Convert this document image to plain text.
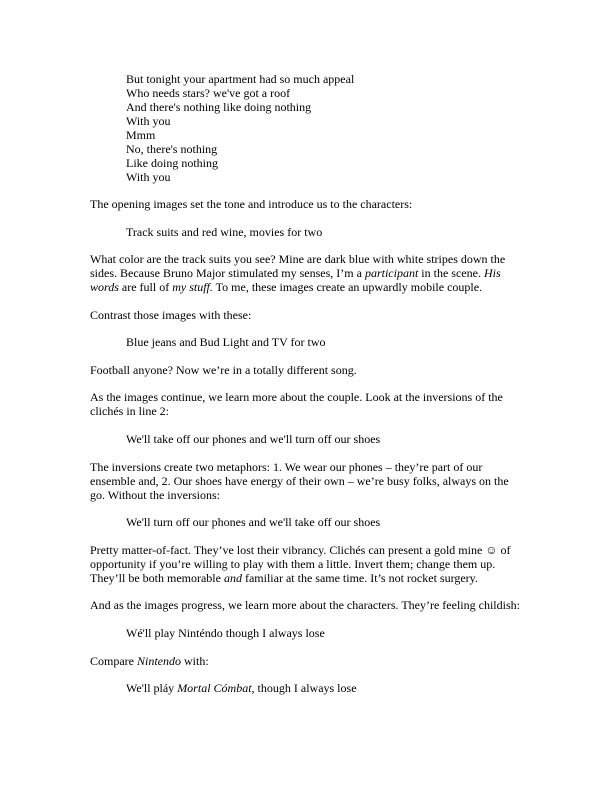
But tonight your apartment had so much appeal
Who needs stars? we've got a roof
And there's nothing like doing nothing
With you
Mmm
No, there's nothing
Like doing nothing
With you
The opening images set the tone and introduce us to the characters:
Track suits and red wine, movies for two
What color are the track suits you see? Mine are dark blue with white stripes down the
sides. Because Bruno Major stimulated my senses, I’m a participant in the scene. His
words are full of my stuff. To me, these images create an upwardly mobile couple.
Contrast those images with these:
Blue jeans and Bud Light and TV for two
Football anyone? Now we’re in a totally different song.
As the images continue, we learn more about the couple. Look at the inversions of the
clichés in line 2:
We'll take off our phones and we'll turn off our shoes
The inversions create two metaphors: 1. We wear our phones – they’re part of our
ensemble and, 2. Our shoes have energy of their own – we’re busy folks, always on the
go. Without the inversions:
We'll turn off our phones and we'll take off our shoes
Pretty matter-of-fact. They’ve lost their vibrancy. Clichés can present a gold mine ☺ of
opportunity if you’re willing to play with them a little. Invert them; change them up.
They’ll be both memorable and familiar at the same time. It’s not rocket surgery.
And as the images progress, we learn more about the characters. They’re feeling childish:
Wé'll play Ninténdo though I always lose
Compare Nintendo with:
We'll pláy Mortal Cómbat, though I always lose
